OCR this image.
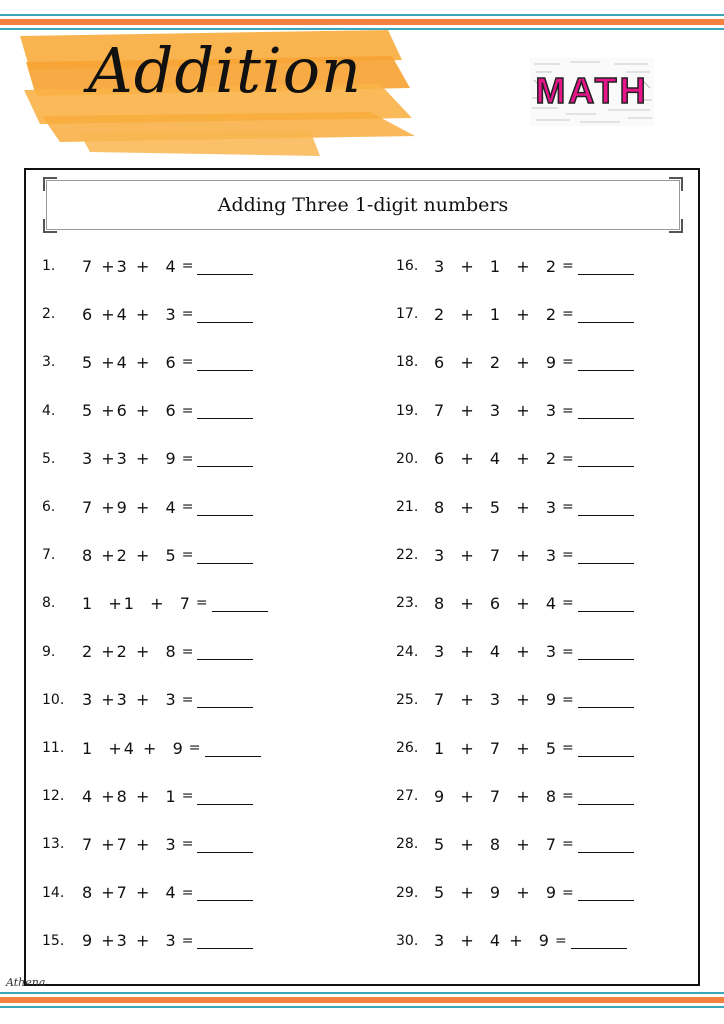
Addition	MATH
Adding Three 1-digit numbers
1.	7 +3 +  4 =
2.	6 +4 +  3 =
3.	5 +4 +  6 =
4.	5 +6 +  6 =
5.	3 +3 +  9 =
6.	7 +9 +  4 =
7.	8 +2 +  5 =
8.	1  +1  +  7 =
9.	2 +2 +  8 =
10.	3 +3 +  3 =
11.	1  +4 +  9 =
12.	4 +8 +  1 =
13.	7 +7 +  3 =
14.	8 +7 +  4 =
15.	9 +3 +  3 =
16. 3  +  1  +  2 =
17. 2  +  1  +  2 =
18. 6  +  2  +  9 =
19. 7  +  3  +  3 =
20. 6  +  4  +  2 =
21. 8  +  5  +  3 =
22. 3  +  7  +  3 =
23. 8  +  6  +  4 =
24. 3  +  4  +  3 =
25. 7  +  3  +  9 =
26. 1  +  7  +  5 =
27. 9  +  7  +  8 =
28. 5  +  8  +  7 =
29. 5  +  9  +  9 =
30. 3  +  4 +  9 =
Athena
